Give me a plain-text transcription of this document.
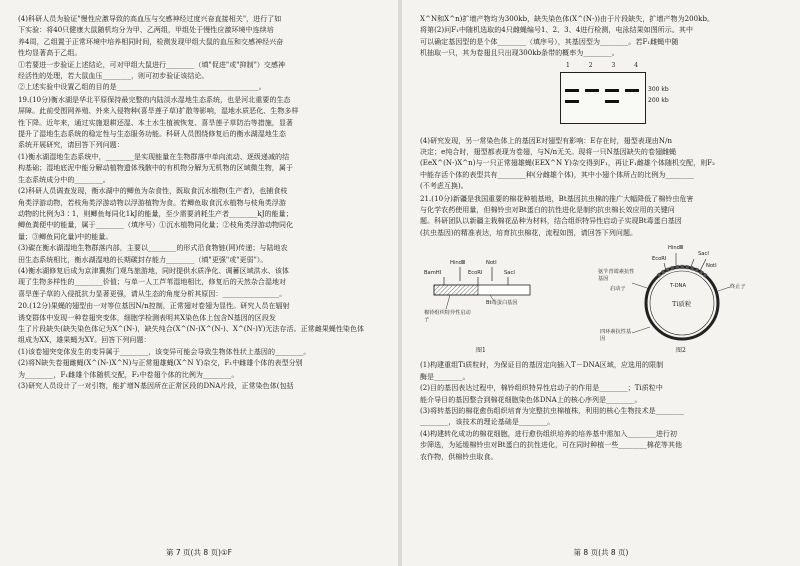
(4)科研人员为验证"慢性应激导致的高血压与交感神经过度兴奋直接相关"，进行了如

下实验：将40只健康大鼠随机均分为甲、乙两组，甲组处于慢性应激环境中连续培

养4周，乙组置于正常环境中培养相同时间，检测发现甲组大鼠的血压和交感神经兴奋

性均显著高于乙组。

①若要进一步验证上述结论，可对甲组大鼠进行________（填"促进"或"抑制"）交感神

经活性的处理，若大鼠血压________，则可初步验证该结论。

②上述实验中设置乙组的目的是________________________________________。

19.(10分)衡水湖是华北平原保持最完整的内陆淡水湿地生态系统，也是河北重要的生态

屏障。此前受围网养殖、外来入侵物种(喜旱莲子草)扩散等影响，湿地水质恶化、生物多样

性下降。近年来，通过实施退耕还湿、本土水生植被恢复、喜旱莲子草防治等措施，显著

提升了湿地生态系统的稳定性与生态服务功能。科研人员围绕修复后的衡水湖湿地生态

系统开展研究，请回答下列问题：

(1)衡水湖湿地生态系统中，________是实现能量在生物群落中单向流动、逐级递减的结

构基础；湿地底泥中能分解动植物遗体残骸中的有机物分解为无机物的区域微生物，属于

生态系统成分中的________。

(2)科研人员调查发现，衡水湖中的鲫鱼为杂食性，既取食沉水植物(生产者)，也捕食枝

角类浮游动物，若枝角类浮游动物以浮游植物为食。若鲫鱼取食沉水植物与枝角类浮游

动物的比例为3∶1，则鲫鱼每同化1kJ的能量，至少需要消耗生产者________kJ的能量；

鲫鱼粪便中的能量，属于________（填序号）①沉水植物同化量；②枝角类浮游动物同化

量；③鲫鱼同化量)中的能量。

(3)碳在衡水湖湿地生物群落内部，主要以________的形式沿食物链(网)传递；与陆地农

田生态系统相比，衡水湖湿地的长期碳封存能力________（填"更强"或"更弱"）。

(4)衡水湖修复后成为京津冀热门观鸟旅游地，同时提供水质净化、调蓄区域洪水、该体

现了生物多样性的________价值；与单一人工芦苇湿地相比，修复后的天然杂合湿地对

喜旱莲子草的入侵抵抗力显著更强，请从生态的角度分析其原因：________________。

20.(12分)果蝇的翅型由一对等位基因N/n控制，正常翅对卷翅为显性。研究人员在辐射

诱变群体中发现一种卷翅突变体，细胞学检测表明其X染色体上包含N基因的区段发

生了片段缺失(缺失染色体记为X^(N-)，缺失纯合(X^(N-)X^(N-)、X^(N-)Y)无法存活。正常雌果蝇性染色体

组成为XX，雄果蝇为XY。回答下列问题：

(1)该卷翅突变体发生的变异属于________，该变异可能会导致生物体性状上基因的________。

(2)将N缺失卷翅雌蝇(X^(N-)X^N)与正常翅雄蝇(X^N Y)杂交，F₁中雌雄个体的表型分别

为________，F₁雌雄个体随机交配，F₂中卷翅个体的比例为________。

(3)研究人员设计了一对引物，能扩增N基因所在正常区段的DNA片段，正常染色体(包括

第 7 页(共 8 页)①F

X^N和X^n)扩增产物均为300kb，缺失染色体(X^(N-))由于片段缺失，扩增产物为200kb。

将第(2)问F₁中随机选取的4只雌蝇编号1、2、3、4进行检测，电泳结果如图所示。其中

可以确定基因型的是个体________（填序号），其基因型为________。若F₁雌蝇中随

机抽取一只，其为卷翅且只出现300kb条带的概率为________。

1	2	3	4
300 kb
200 kb

(4)研究发现，另一常染色体上的基因E对翅型有影响：E存在时，翅型表现由N/n

决定；e纯合时，翅型都表现为卷翅，与N/n无关。现将一只N基因缺失的卷翅雌蝇

(EeX^(N-)X^n)与一只正常翅雄蝇(EEX^N Y)杂交得到F₁，再让F₁雌雄个体随机交配，则F₂

中能存活个体的表型共有________种(分雌雄个体)，其中小翅个体所占的比例为________

(不考虑互换)。

21.(10分)新疆是我国重要的棉花种植基地，Bt基因抗虫棉的推广大幅降低了棉铃虫危害

与化学农药使用量，但棉铃虫对Bt蛋白的抗性进化是制约抗虫棉长效应用的关键问

题。科研团队以新疆主栽棉花品种为材料，结合组织特异性启动子实现Bt毒蛋白基因

(抗虫基因)的精准表达，培育抗虫棉花，流程如图，请回答下列问题。

HindⅢ	NotⅠ
BamHⅠ	EcoRⅠ	SacⅠ
棉铃组织特异性启动子
Bt毒蛋白基因
图1
HindⅢ
SacⅠ
EcoRⅠ
NotⅠ
氨苄青霉素抗性基因
启动子	T-DNA	终止子
Ti质粒
四环素抗性基因
图2

(1)构建重组Ti质粒时，为保证目的基因定向插入T－DNA区域，应选用的限制

酶是________。

(2)目的基因表达过程中，棉铃组织特异性启动子的作用是________；Ti质粒中

能介导目的基因整合到棉花细胞染色体DNA上的核心序列是________。

(3)将转基因的棉花愈伤组织培育为完整抗虫棉植株，利用的核心生物技术是________

________，该技术的理论基础是________。

(4)构建转化成功的棉花细胞，进行愈伤组织培养的培养基中需加入________进行初

步筛选，为延缓棉铃虫对Bt蛋白的抗性进化，可在同时种植一些________棉花等其他

农作物，供棉铃虫取食。

第 8 页(共 8 页)
